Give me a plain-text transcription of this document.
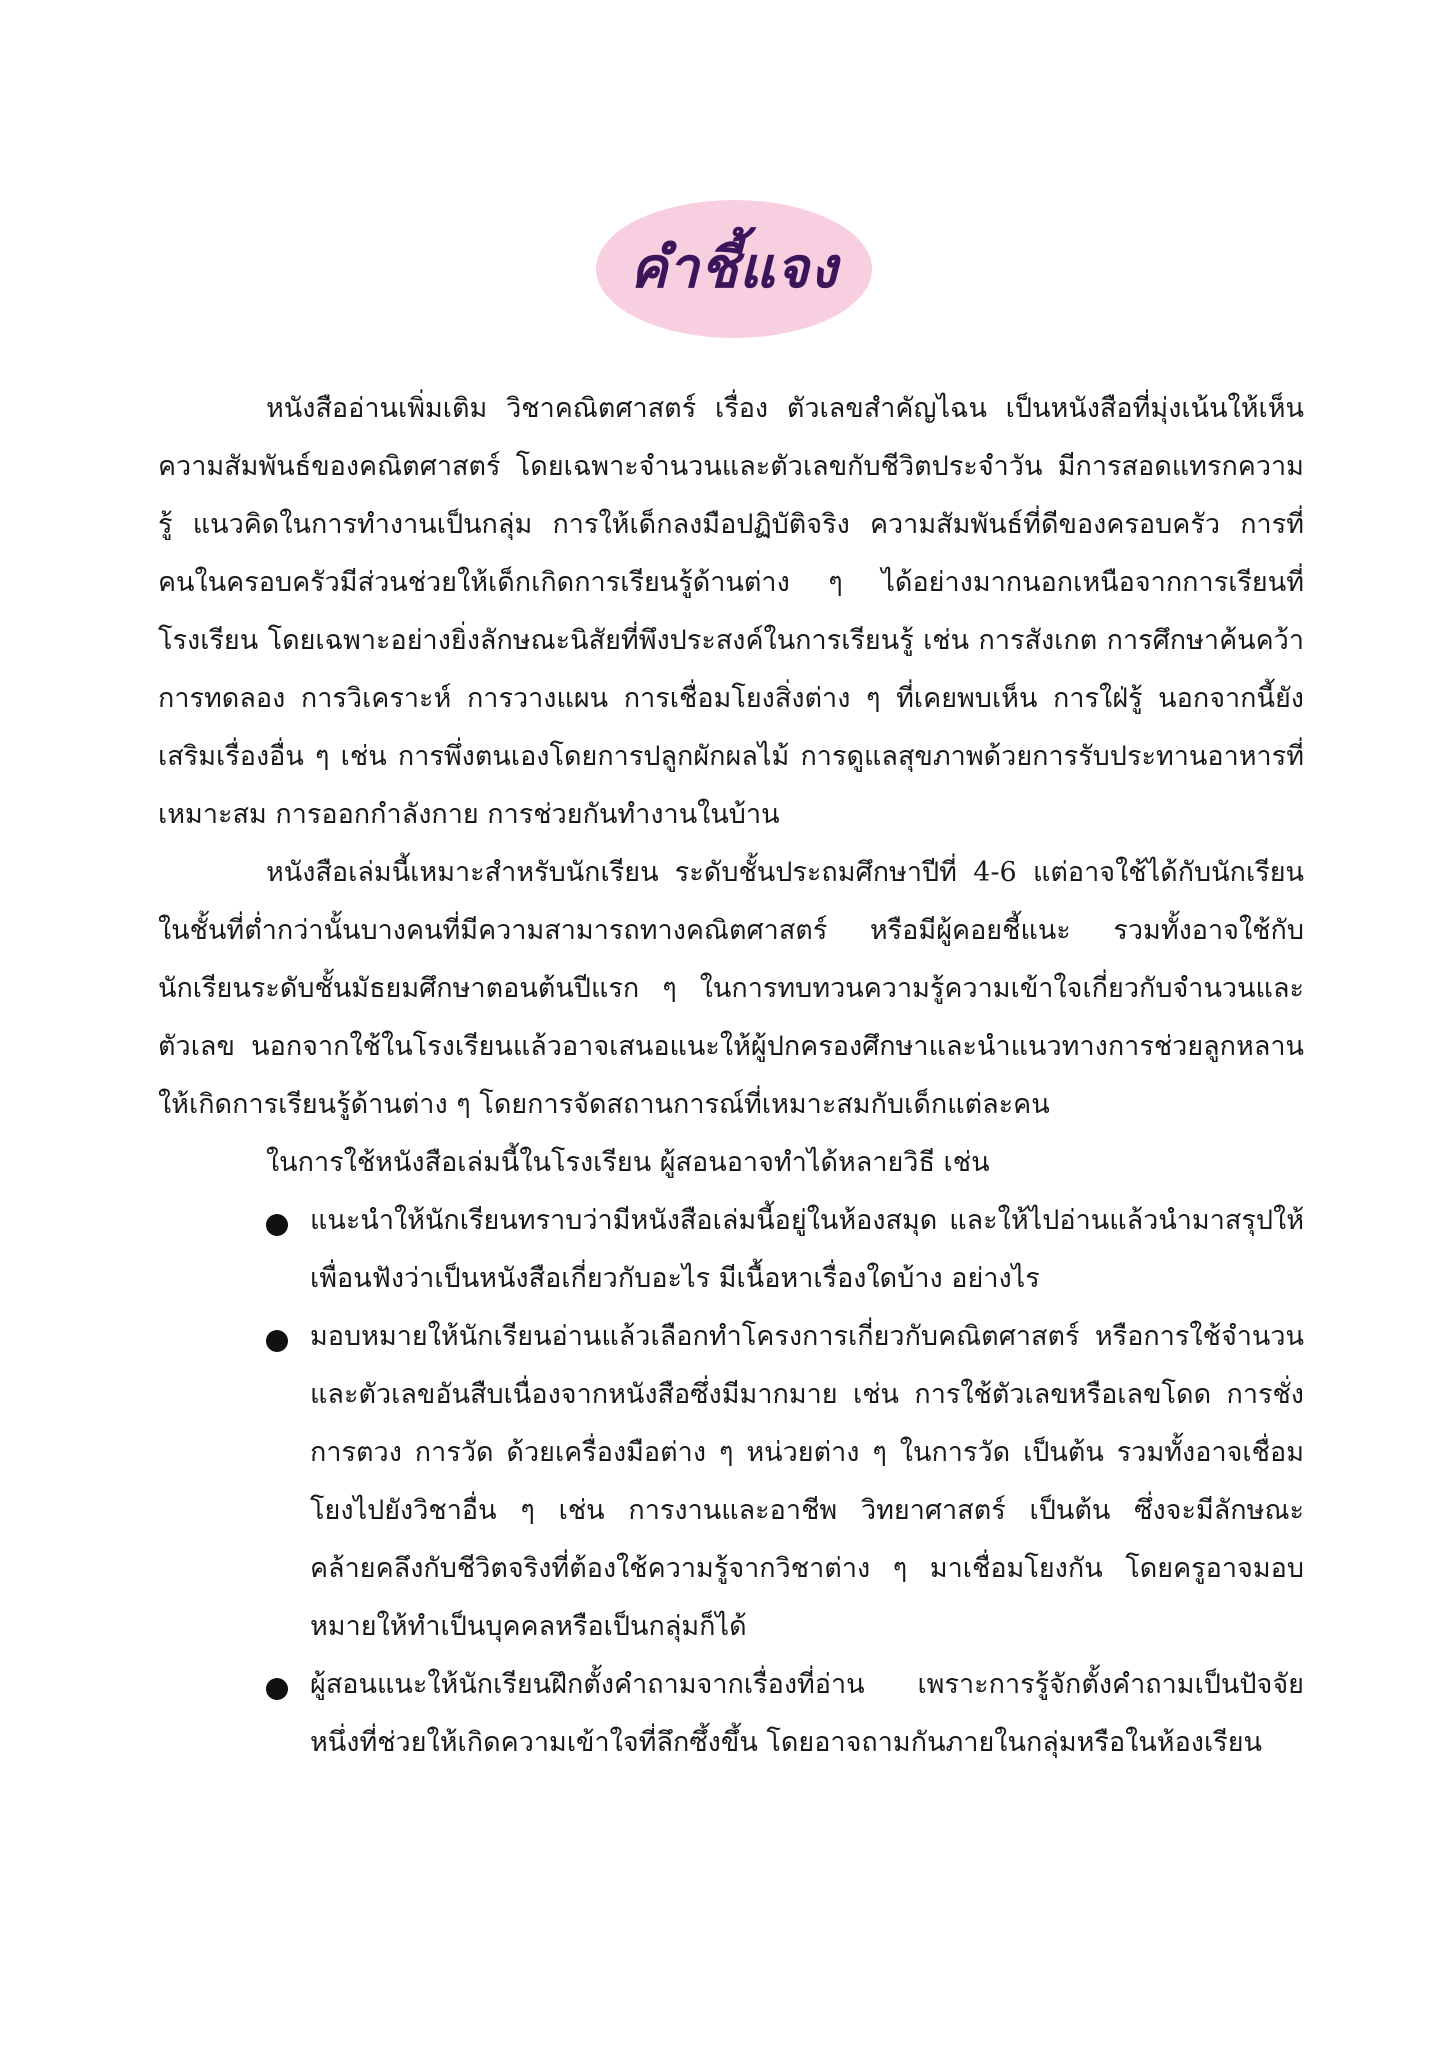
คำชี้แจง

หนังสืออ่านเพิ่มเติม วิชาคณิตศาสตร์ เรื่อง ตัวเลขสำคัญไฉน เป็นหนังสือที่มุ่งเน้นให้เห็นความสัมพันธ์ของคณิตศาสตร์ โดยเฉพาะจำนวนและตัวเลขกับชีวิตประจำวัน มีการสอดแทรกความรู้ แนวคิดในการทำงานเป็นกลุ่ม การให้เด็กลงมือปฏิบัติจริง ความสัมพันธ์ที่ดีของครอบครัว การที่คนในครอบครัวมีส่วนช่วยให้เด็กเกิดการเรียนรู้ด้านต่าง ๆ ได้อย่างมากนอกเหนือจากการเรียนที่โรงเรียน โดยเฉพาะอย่างยิ่งลักษณะนิสัยที่พึงประสงค์ในการเรียนรู้ เช่น การสังเกต การศึกษาค้นคว้า การทดลอง การวิเคราะห์ การวางแผน การเชื่อมโยงสิ่งต่าง ๆ ที่เคยพบเห็น การใฝ่รู้ นอกจากนี้ยังเสริมเรื่องอื่น ๆ เช่น การพึ่งตนเองโดยการปลูกผักผลไม้ การดูแลสุขภาพด้วยการรับประทานอาหารที่เหมาะสม การออกกำลังกาย การช่วยกันทำงานในบ้าน

หนังสือเล่มนี้เหมาะสำหรับนักเรียน ระดับชั้นประถมศึกษาปีที่ 4-6 แต่อาจใช้ได้กับนักเรียนในชั้นที่ต่ำกว่านั้นบางคนที่มีความสามารถทางคณิตศาสตร์ หรือมีผู้คอยชี้แนะ รวมทั้งอาจใช้กับนักเรียนระดับชั้นมัธยมศึกษาตอนต้นปีแรก ๆ ในการทบทวนความรู้ความเข้าใจเกี่ยวกับจำนวนและตัวเลข นอกจากใช้ในโรงเรียนแล้วอาจเสนอแนะให้ผู้ปกครองศึกษาและนำแนวทางการช่วยลูกหลานให้เกิดการเรียนรู้ด้านต่าง ๆ โดยการจัดสถานการณ์ที่เหมาะสมกับเด็กแต่ละคน

ในการใช้หนังสือเล่มนี้ในโรงเรียน ผู้สอนอาจทำได้หลายวิธี เช่น

แนะนำให้นักเรียนทราบว่ามีหนังสือเล่มนี้อยู่ในห้องสมุด และให้ไปอ่านแล้วนำมาสรุปให้เพื่อนฟังว่าเป็นหนังสือเกี่ยวกับอะไร มีเนื้อหาเรื่องใดบ้าง อย่างไร
มอบหมายให้นักเรียนอ่านแล้วเลือกทำโครงการเกี่ยวกับคณิตศาสตร์ หรือการใช้จำนวนและตัวเลขอันสืบเนื่องจากหนังสือซึ่งมีมากมาย เช่น การใช้ตัวเลขหรือเลขโดด การชั่ง การตวง การวัด ด้วยเครื่องมือต่าง ๆ หน่วยต่าง ๆ ในการวัด เป็นต้น รวมทั้งอาจเชื่อมโยงไปยังวิชาอื่น ๆ เช่น การงานและอาชีพ วิทยาศาสตร์ เป็นต้น ซึ่งจะมีลักษณะคล้ายคลึงกับชีวิตจริงที่ต้องใช้ความรู้จากวิชาต่าง ๆ มาเชื่อมโยงกัน โดยครูอาจมอบหมายให้ทำเป็นบุคคลหรือเป็นกลุ่มก็ได้
ผู้สอนแนะให้นักเรียนฝึกตั้งคำถามจากเรื่องที่อ่าน เพราะการรู้จักตั้งคำถามเป็นปัจจัยหนึ่งที่ช่วยให้เกิดความเข้าใจที่ลึกซึ้งขึ้น โดยอาจถามกันภายในกลุ่มหรือในห้องเรียน
